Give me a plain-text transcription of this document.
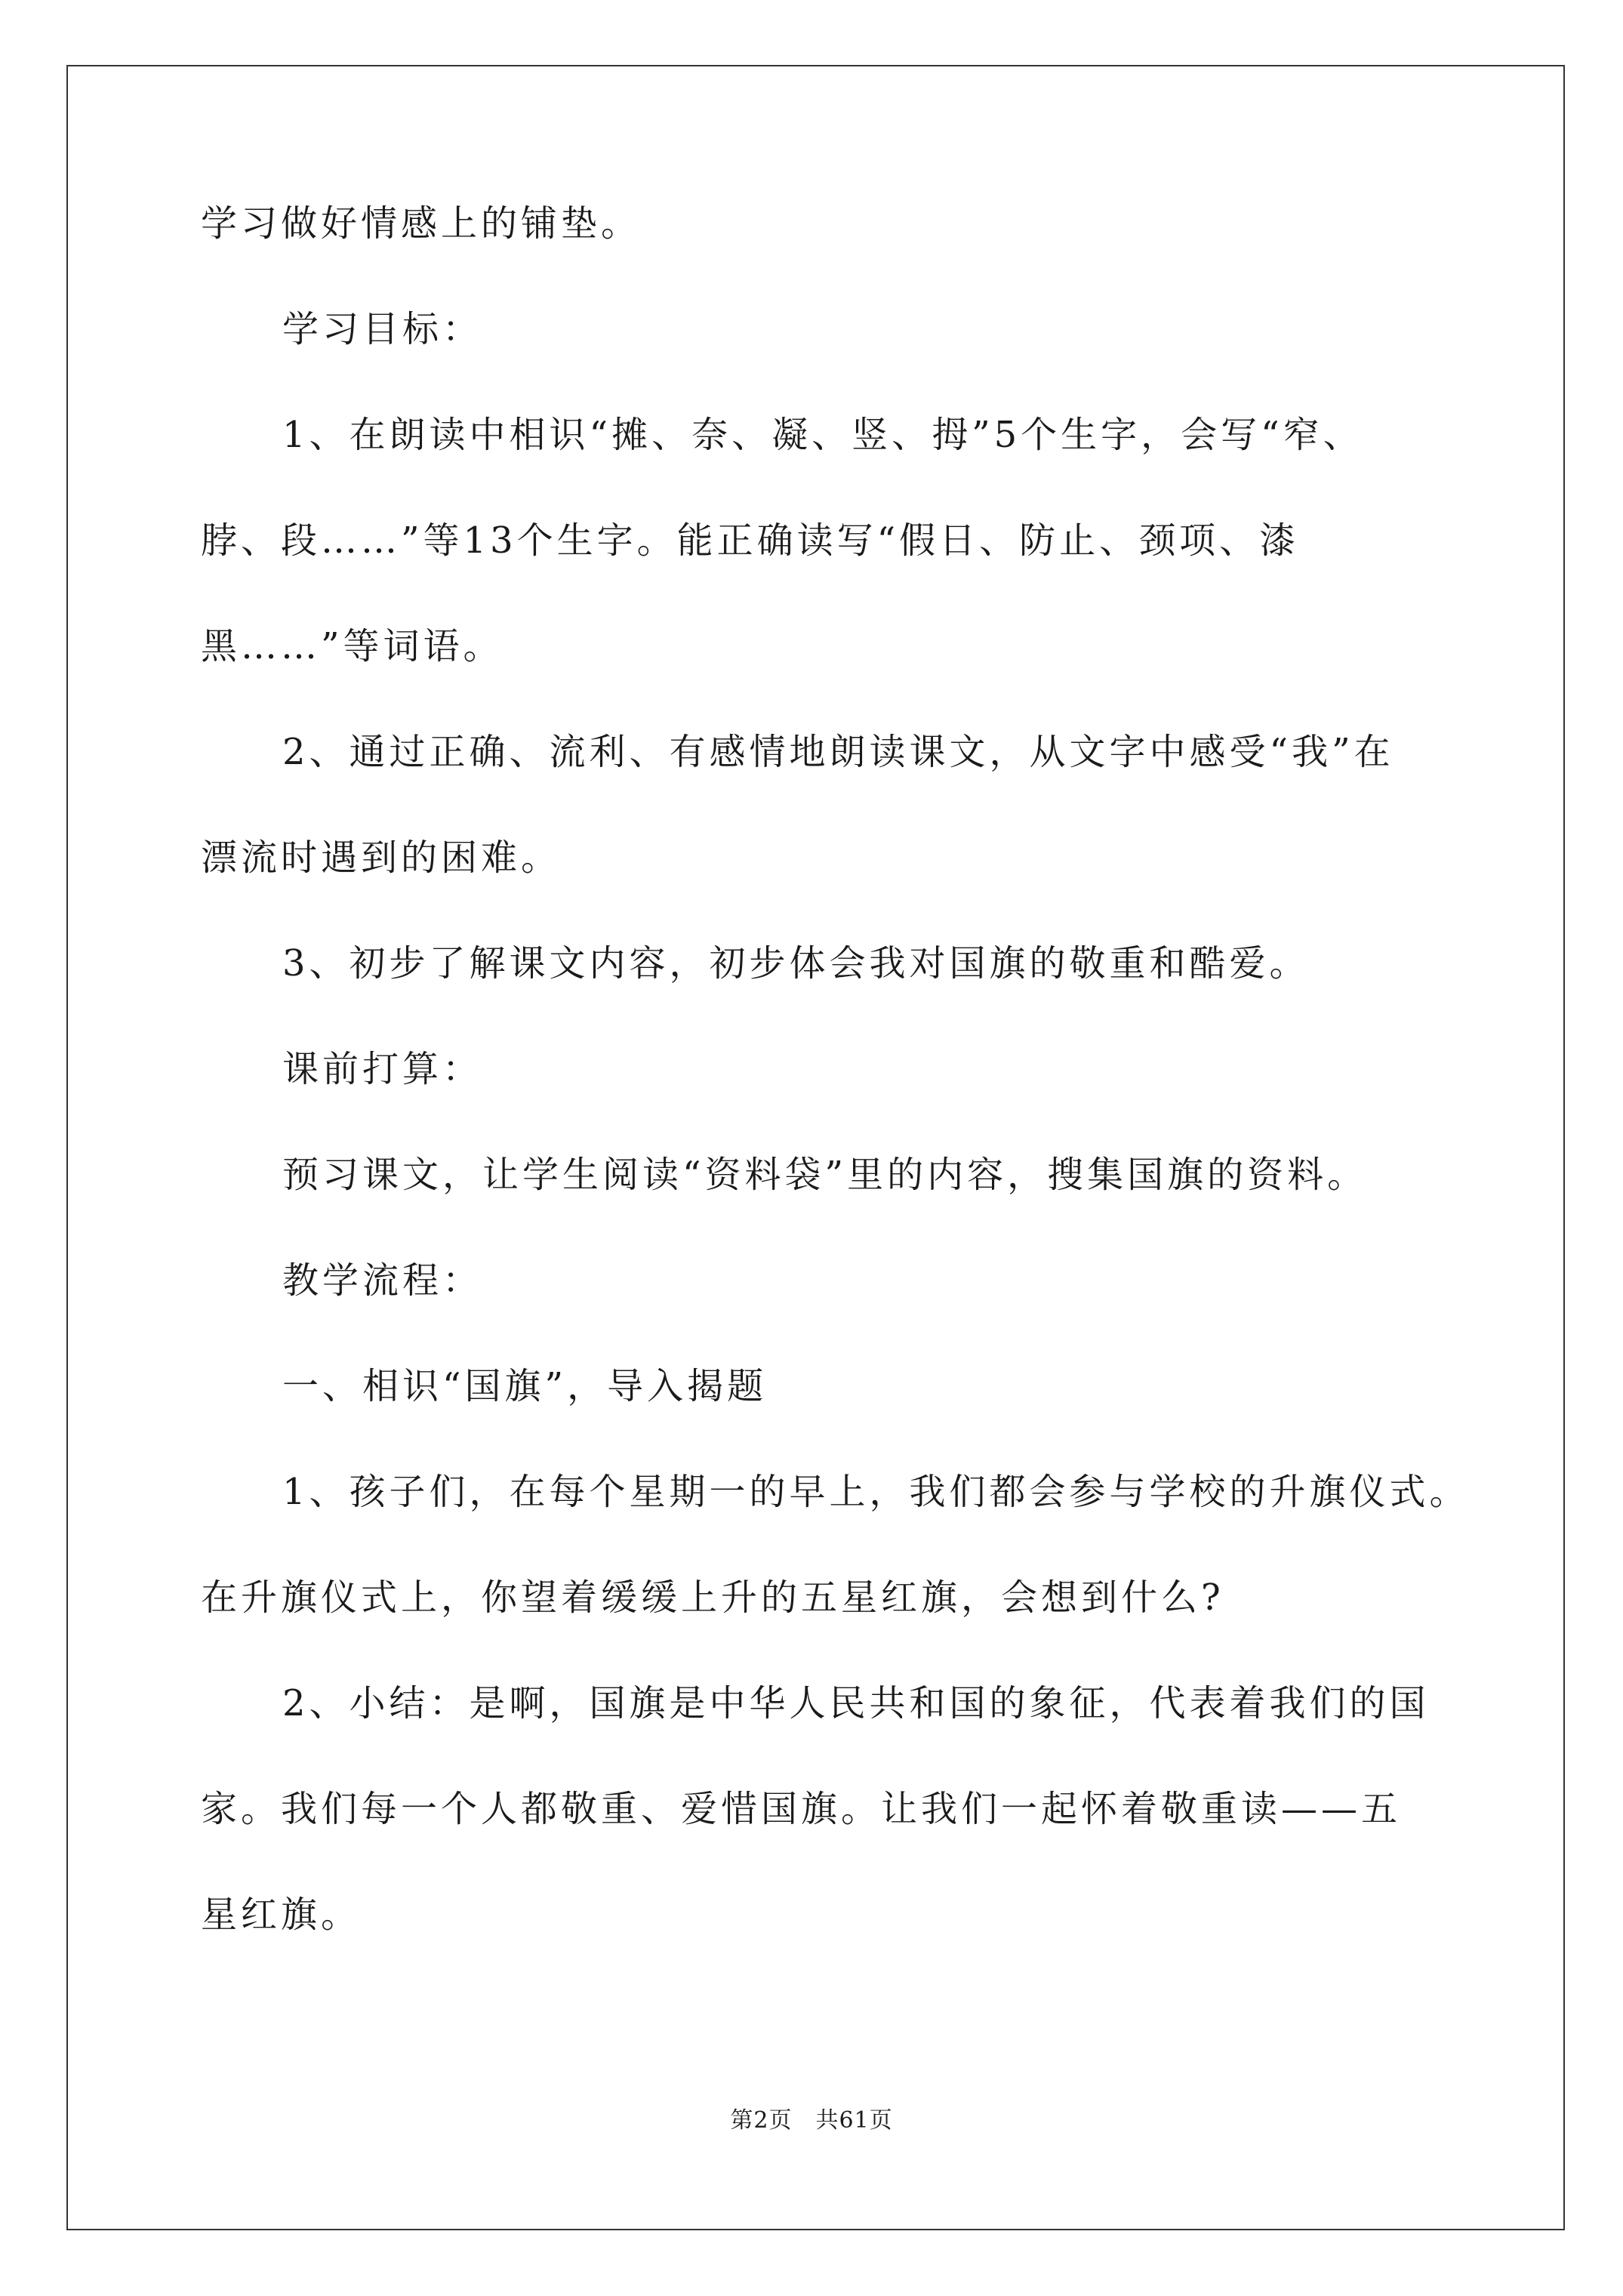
学习做好情感上的铺垫。
学习目标：
1、在朗读中相识“摊、奈、凝、竖、拇”5个生字，会写“窄、
脖、段……”等13个生字。能正确读写“假日、防止、颈项、漆
黑……”等词语。
2、通过正确、流利、有感情地朗读课文，从文字中感受“我”在
漂流时遇到的困难。
3、初步了解课文内容，初步体会我对国旗的敬重和酷爱。
课前打算：
预习课文，让学生阅读“资料袋”里的内容，搜集国旗的资料。
教学流程：
一、相识“国旗”，导入揭题
1、孩子们，在每个星期一的早上，我们都会参与学校的升旗仪式。
在升旗仪式上，你望着缓缓上升的五星红旗，会想到什么?
2、小结：是啊，国旗是中华人民共和国的象征，代表着我们的国
家。我们每一个人都敬重、爱惜国旗。让我们一起怀着敬重读——五
星红旗。
第2页　共61页
